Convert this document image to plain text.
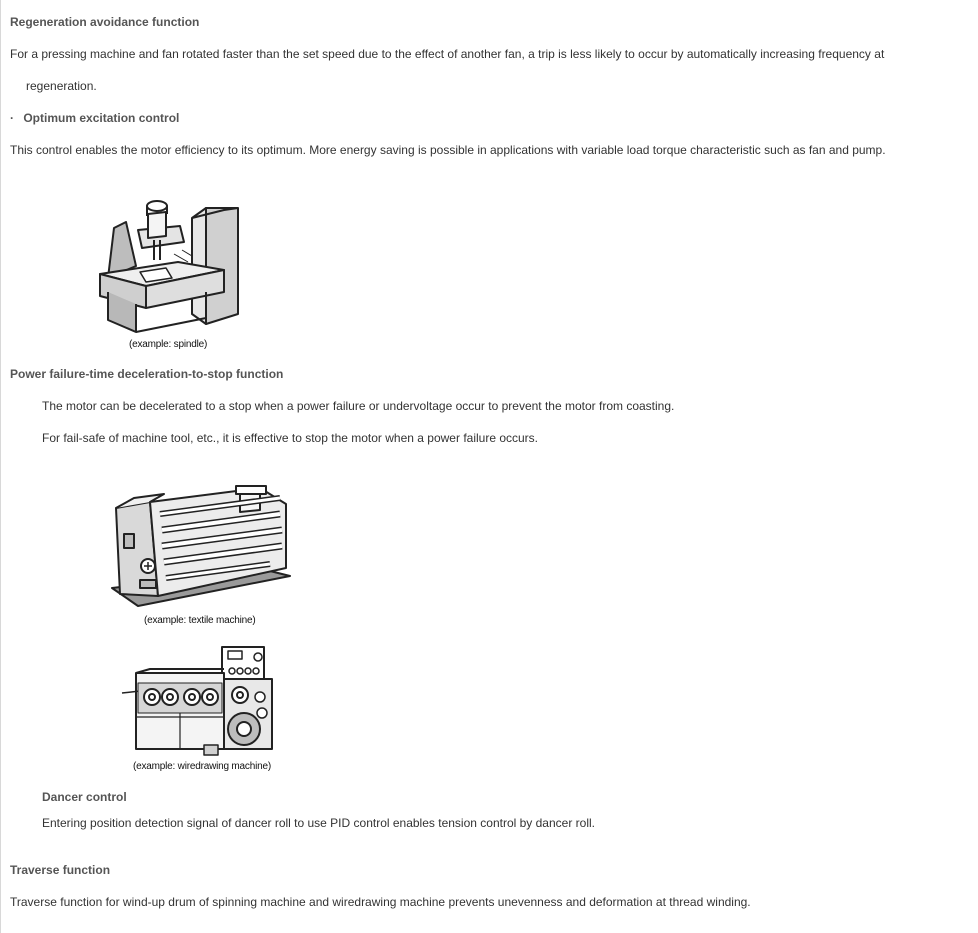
Regeneration avoidance function
For a pressing machine and fan rotated faster than the set speed due to the effect of another fan, a trip is less likely to occur by automatically increasing frequency at
regeneration.
· Optimum excitation control
This control enables the motor efficiency to its optimum. More energy saving is possible in applications with variable load torque characteristic such as fan and pump.
(example: spindle)
Power failure-time deceleration-to-stop function
The motor can be decelerated to a stop when a power failure or undervoltage occur to prevent the motor from coasting.
For fail-safe of machine tool, etc., it is effective to stop the motor when a power failure occurs.
(example: textile machine)
(example: wiredrawing machine)
Dancer control
Entering position detection signal of dancer roll to use PID control enables tension control by dancer roll.
Traverse function
Traverse function for wind-up drum of spinning machine and wiredrawing machine prevents unevenness and deformation at thread winding.
